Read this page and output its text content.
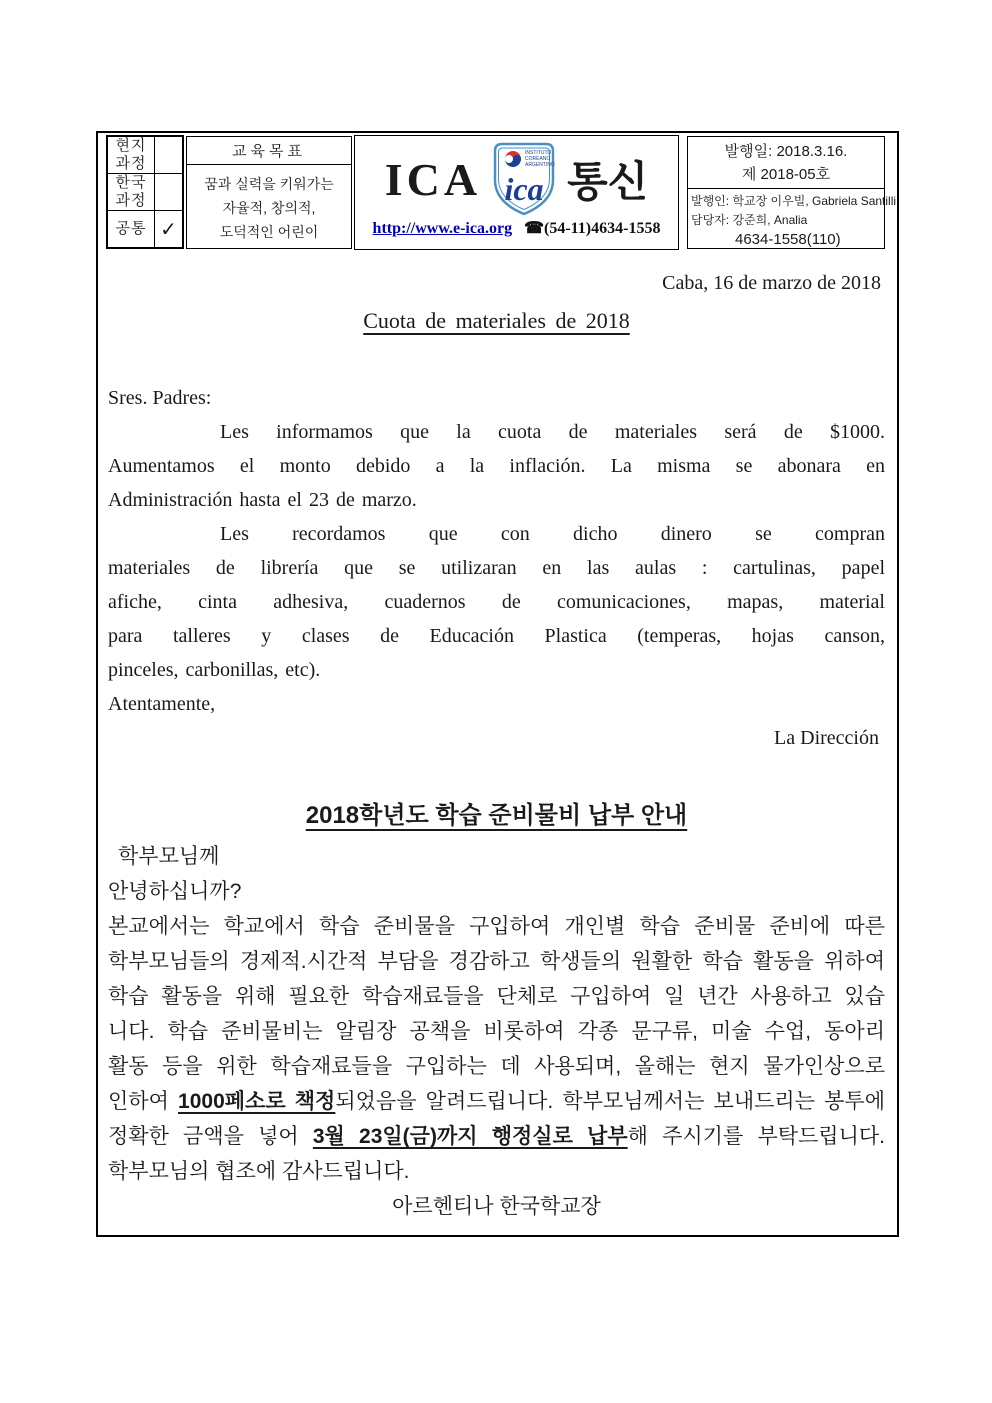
현지
과정
한국
과정
공통 ✓
교육목표
꿈과 실력을 키워가는
자율적, 창의적,
도덕적인 어린이
ICA
INSTITUTO
COREANO
ARGENTINO
ica 통신
http://www.e-ica.org ☎(54-11)4634-1558
발행일: 2018.3.16.
제 2018-05호
발행인: 학교장 이우빌, Gabriela Santilli
담당자: 강준희, Analia
4634-1558(110)
Caba, 16 de marzo de 2018
Cuota de materiales de 2018
Sres. Padres:
Les informamos que la cuota de materiales será de $1000.
Aumentamos el monto debido a la inflación. La misma se abonara en
Administración hasta el 23 de marzo.
Les recordamos que con dicho dinero se compran
materiales de librería que se utilizaran en las aulas : cartulinas, papel
afiche, cinta adhesiva, cuadernos de comunicaciones, mapas, material
para talleres y clases de Educación Plastica (temperas, hojas canson,
pinceles, carbonillas, etc).
Atentamente,
La Dirección
2018학년도 학습 준비물비 납부 안내
학부모님께
안녕하십니까?
본교에서는 학교에서 학습 준비물을 구입하여 개인별 학습 준비물 준비에 따른
학부모님들의 경제적.시간적 부담을 경감하고 학생들의 원활한 학습 활동을 위하여
학습 활동을 위해 필요한 학습재료들을 단체로 구입하여 일 년간 사용하고 있습
니다. 학습 준비물비는 알림장 공책을 비롯하여 각종 문구류, 미술 수업, 동아리
활동 등을 위한 학습재료들을 구입하는 데 사용되며, 올해는 현지 물가인상으로
인하여 1000페소로 책정되었음을 알려드립니다. 학부모님께서는 보내드리는 봉투에
정확한 금액을 넣어 3월 23일(금)까지 행정실로 납부해 주시기를 부탁드립니다.
학부모님의 협조에 감사드립니다.
아르헨티나 한국학교장
